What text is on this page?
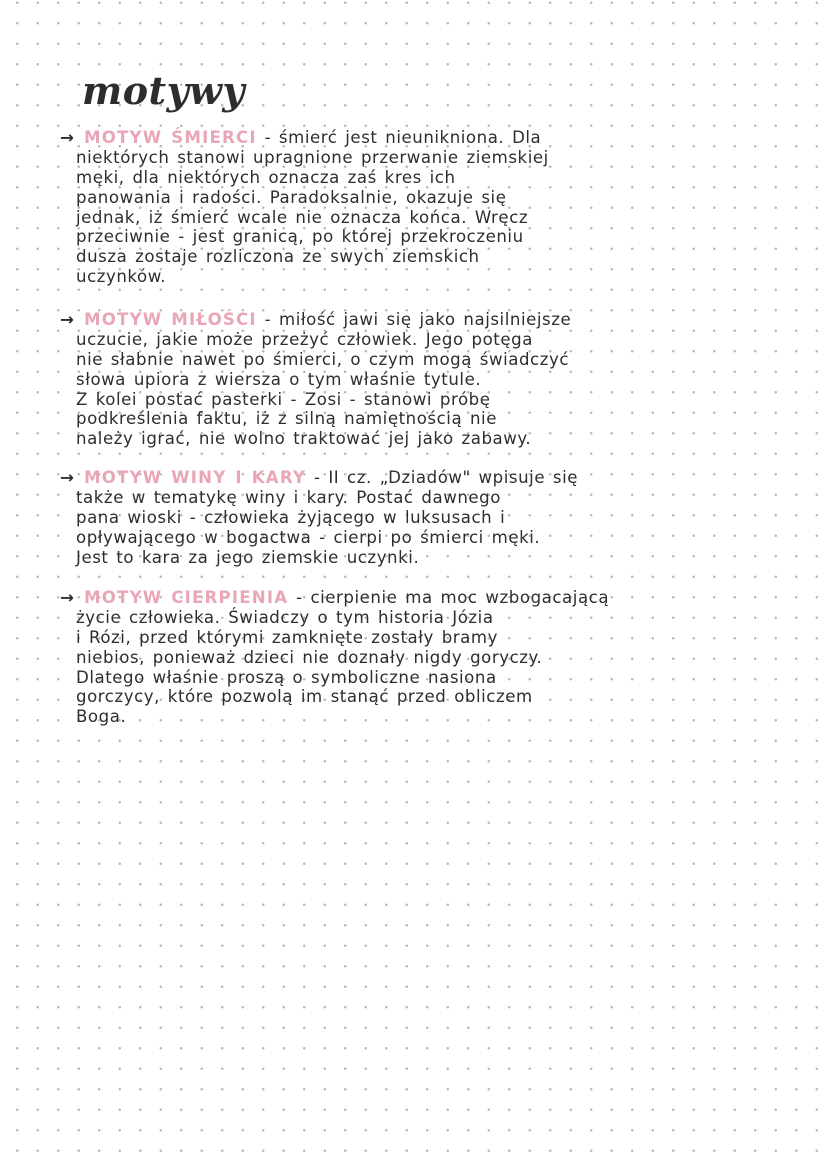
motywy
→ MOTYW ŚMIERCI - śmierć jest nieunikniona. Dla
niektórych stanowi upragnione przerwanie ziemskiej
męki, dla niektórych oznacza zaś kres ich
panowania i radości. Paradoksalnie, okazuje się
jednak, iż śmierć wcale nie oznacza końca. Wręcz
przeciwnie - jest granicą, po której przekroczeniu
dusza zostaje rozliczona ze swych ziemskich
uczynków.
→ MOTYW MIŁOŚCI - miłość jawi się jako najsilniejsze
uczucie, jakie może przeżyć człowiek. Jego potęga
nie słabnie nawet po śmierci, o czym mogą świadczyć
słowa upiora z wiersza o tym właśnie tytule.
Z kolei postać pasterki - Zosi - stanowi próbę
podkreślenia faktu, iż z silną namiętnością nie
należy igrać, nie wolno traktować jej jako zabawy.
→ MOTYW WINY I KARY - II cz. „Dziadów" wpisuje się
także w tematykę winy i kary. Postać dawnego
pana wioski - człowieka żyjącego w luksusach i
opływającego w bogactwa - cierpi po śmierci męki.
Jest to kara za jego ziemskie uczynki.
→ MOTYW CIERPIENIA - cierpienie ma moc wzbogacającą
życie człowieka. Świadczy o tym historia Józia
i Rózi, przed którymi zamknięte zostały bramy
niebios, ponieważ dzieci nie doznały nigdy goryczy.
Dlatego właśnie proszą o symboliczne nasiona
gorczycy, które pozwolą im stanąć przed obliczem
Boga.
